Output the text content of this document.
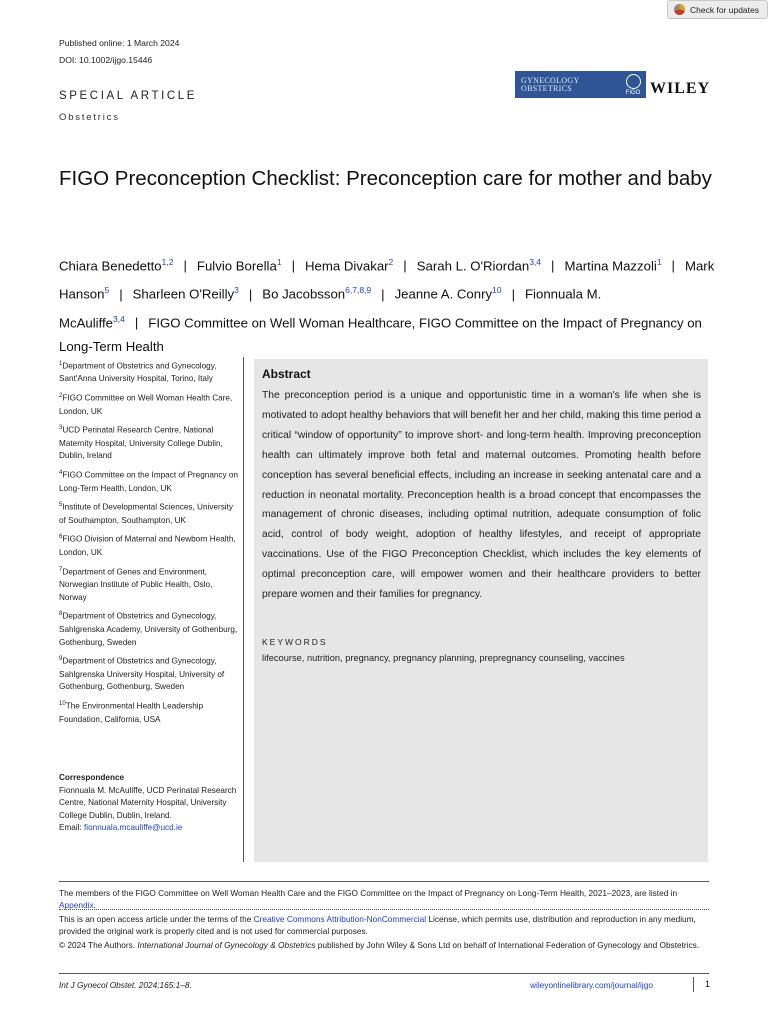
Check for updates
Published online: 1 March 2024
DOI: 10.1002/ijgo.15446
SPECIAL ARTICLE
Obstetrics
GYNECOLOGY
OBSTETRICS	FIGO WILEY
FIGO Preconception Checklist: Preconception care for mother and baby
Chiara Benedetto$^{1,2}$ | Fulvio Borella$^1$ | Hema Divakar$^2$ | Sarah L. O'Riordan$^{3,4}$ | Martina Mazzoli$^1$ | Mark Hanson$^5$ | Sharleen O'Reilly$^3$ | Bo Jacobsson$^{6,7,8,9}$ | Jeanne A. Conry$^{10}$ | Fionnuala M. McAuliffe$^{3,4}$ | FIGO Committee on Well Woman Healthcare, FIGO Committee on the Impact of Pregnancy on Long-Term Health
$^1$Department of Obstetrics and Gynecology, Sant'Anna University Hospital, Torino, Italy
$^2$FIGO Committee on Well Woman Health Care, London, UK
$^3$UCD Perinatal Research Centre, National Maternity Hospital, University College Dublin, Dublin, Ireland
$^4$FIGO Committee on the Impact of Pregnancy on Long-Term Health, London, UK
$^5$Institute of Developmental Sciences, University of Southampton, Southampton, UK
$^6$FIGO Division of Maternal and Newborn Health, London, UK
$^7$Department of Genes and Environment, Norwegian Institute of Public Health, Oslo, Norway
$^8$Department of Obstetrics and Gynecology, Sahlgrenska Academy, University of Gothenburg, Gothenburg, Sweden
$^9$Department of Obstetrics and Gynecology, Sahlgrenska University Hospital, University of Gothenburg, Gothenburg, Sweden
$^{10}$The Environmental Health Leadership Foundation, California, USA
Correspondence
Fionnuala M. McAuliffe, UCD Perinatal Research Centre, National Maternity Hospital, University College Dublin, Dublin, Ireland.
Email: fionnuala.mcauliffe@ucd.ie
Abstract
The preconception period is a unique and opportunistic time in a woman's life when she is motivated to adopt healthy behaviors that will benefit her and her child, making this time period a critical “window of opportunity” to improve short- and long-term health. Improving preconception health can ultimately improve both fetal and maternal outcomes. Promoting health before conception has several beneficial effects, including an increase in seeking antenatal care and a reduction in neonatal mortality. Preconception health is a broad concept that encompasses the management of chronic diseases, including optimal nutrition, adequate consumption of folic acid, control of body weight, adoption of healthy lifestyles, and receipt of appropriate vaccinations. Use of the FIGO Preconception Checklist, which includes the key elements of optimal preconception care, will empower women and their healthcare providers to better prepare women and their families for pregnancy.
KEYWORDS
lifecourse, nutrition, pregnancy, pregnancy planning, prepregnancy counseling, vaccines
The members of the FIGO Committee on Well Woman Health Care and the FIGO Committee on the Impact of Pregnancy on Long-Term Health, 2021–2023, are listed in Appendix.
This is an open access article under the terms of the Creative Commons Attribution-NonCommercial License, which permits use, distribution and reproduction in any medium, provided the original work is properly cited and is not used for commercial purposes.
© 2024 The Authors. International Journal of Gynecology & Obstetrics published by John Wiley & Sons Ltd on behalf of International Federation of Gynecology and Obstetrics.
Int J Gynecol Obstet. 2024;165:1–8.	wileyonlinelibrary.com/journal/ijgo	1
